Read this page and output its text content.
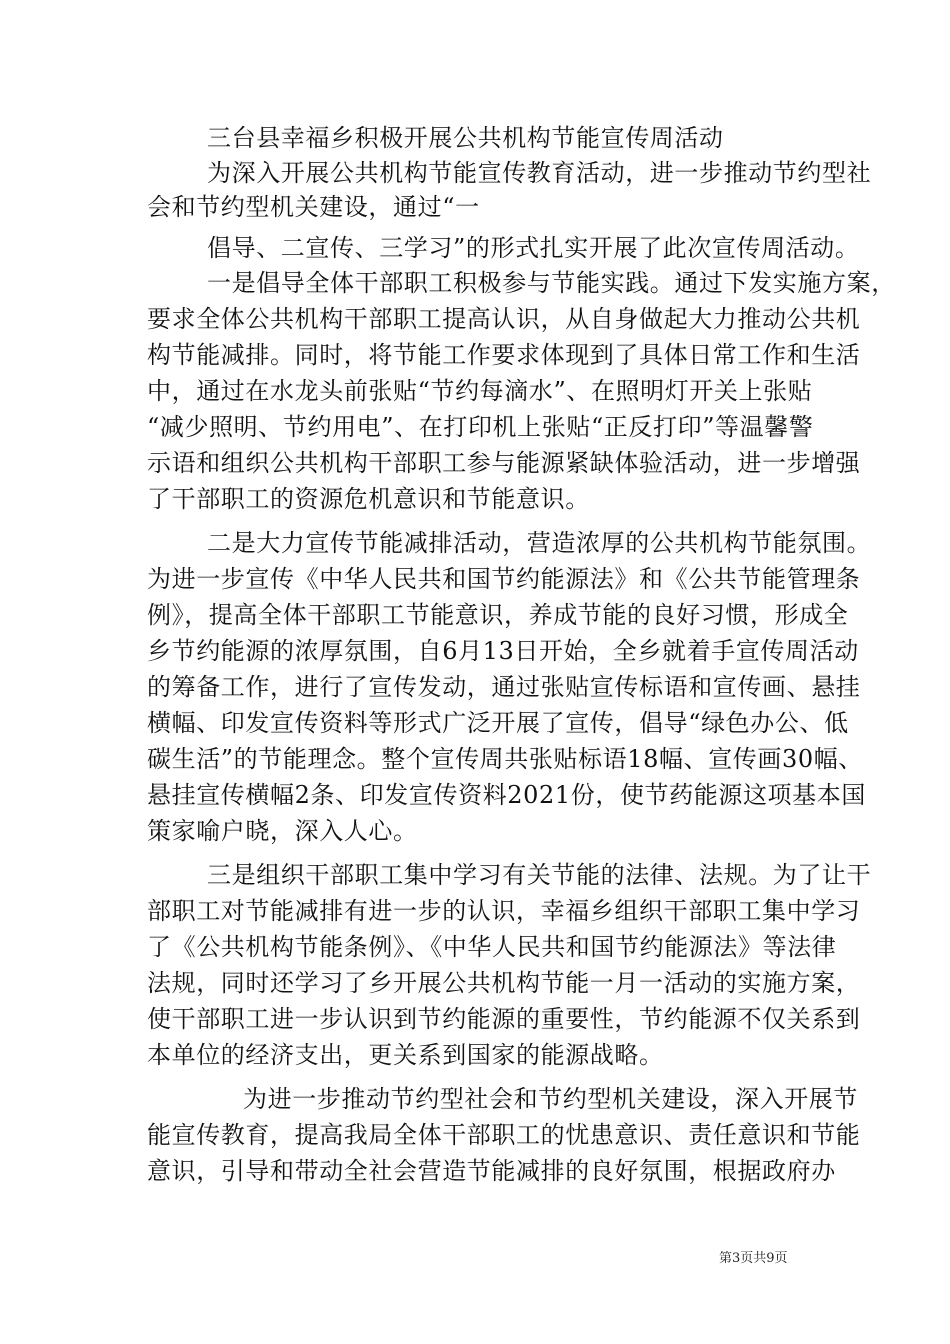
三台县幸福乡积极开展公共机构节能宣传周活动
为深入开展公共机构节能宣传教育活动，进一步推动节约型社
会和节约型机关建设，通过“一
倡导、二宣传、三学习”的形式扎实开展了此次宣传周活动。
一是倡导全体干部职工积极参与节能实践。通过下发实施方案，
要求全体公共机构干部职工提高认识，从自身做起大力推动公共机
构节能减排。同时，将节能工作要求体现到了具体日常工作和生活
中，通过在水龙头前张贴“节约每滴水”、在照明灯开关上张贴
“减少照明、节约用电”、在打印机上张贴“正反打印”等温馨警
示语和组织公共机构干部职工参与能源紧缺体验活动，进一步增强
了干部职工的资源危机意识和节能意识。
二是大力宣传节能减排活动，营造浓厚的公共机构节能氛围。
为进一步宣传《中华人民共和国节约能源法》和《公共节能管理条
例》，提高全体干部职工节能意识，养成节能的良好习惯，形成全
乡节约能源的浓厚氛围，自6月13日开始，全乡就着手宣传周活动
的筹备工作，进行了宣传发动，通过张贴宣传标语和宣传画、悬挂
横幅、印发宣传资料等形式广泛开展了宣传，倡导“绿色办公、低
碳生活”的节能理念。整个宣传周共张贴标语18幅、宣传画30幅、
悬挂宣传横幅2条、印发宣传资料2021份，使节药能源这项基本国
策家喻户晓，深入人心。
三是组织干部职工集中学习有关节能的法律、法规。为了让干
部职工对节能减排有进一步的认识，幸福乡组织干部职工集中学习
了《公共机构节能条例》、《中华人民共和国节约能源法》等法律
法规，同时还学习了乡开展公共机构节能一月一活动的实施方案，
使干部职工进一步认识到节约能源的重要性，节约能源不仅关系到
本单位的经济支出，更关系到国家的能源战略。
为进一步推动节约型社会和节约型机关建设，深入开展节
能宣传教育，提高我局全体干部职工的忧患意识、责任意识和节能
意识，引导和带动全社会营造节能减排的良好氛围，根据政府办
第3页共9页
